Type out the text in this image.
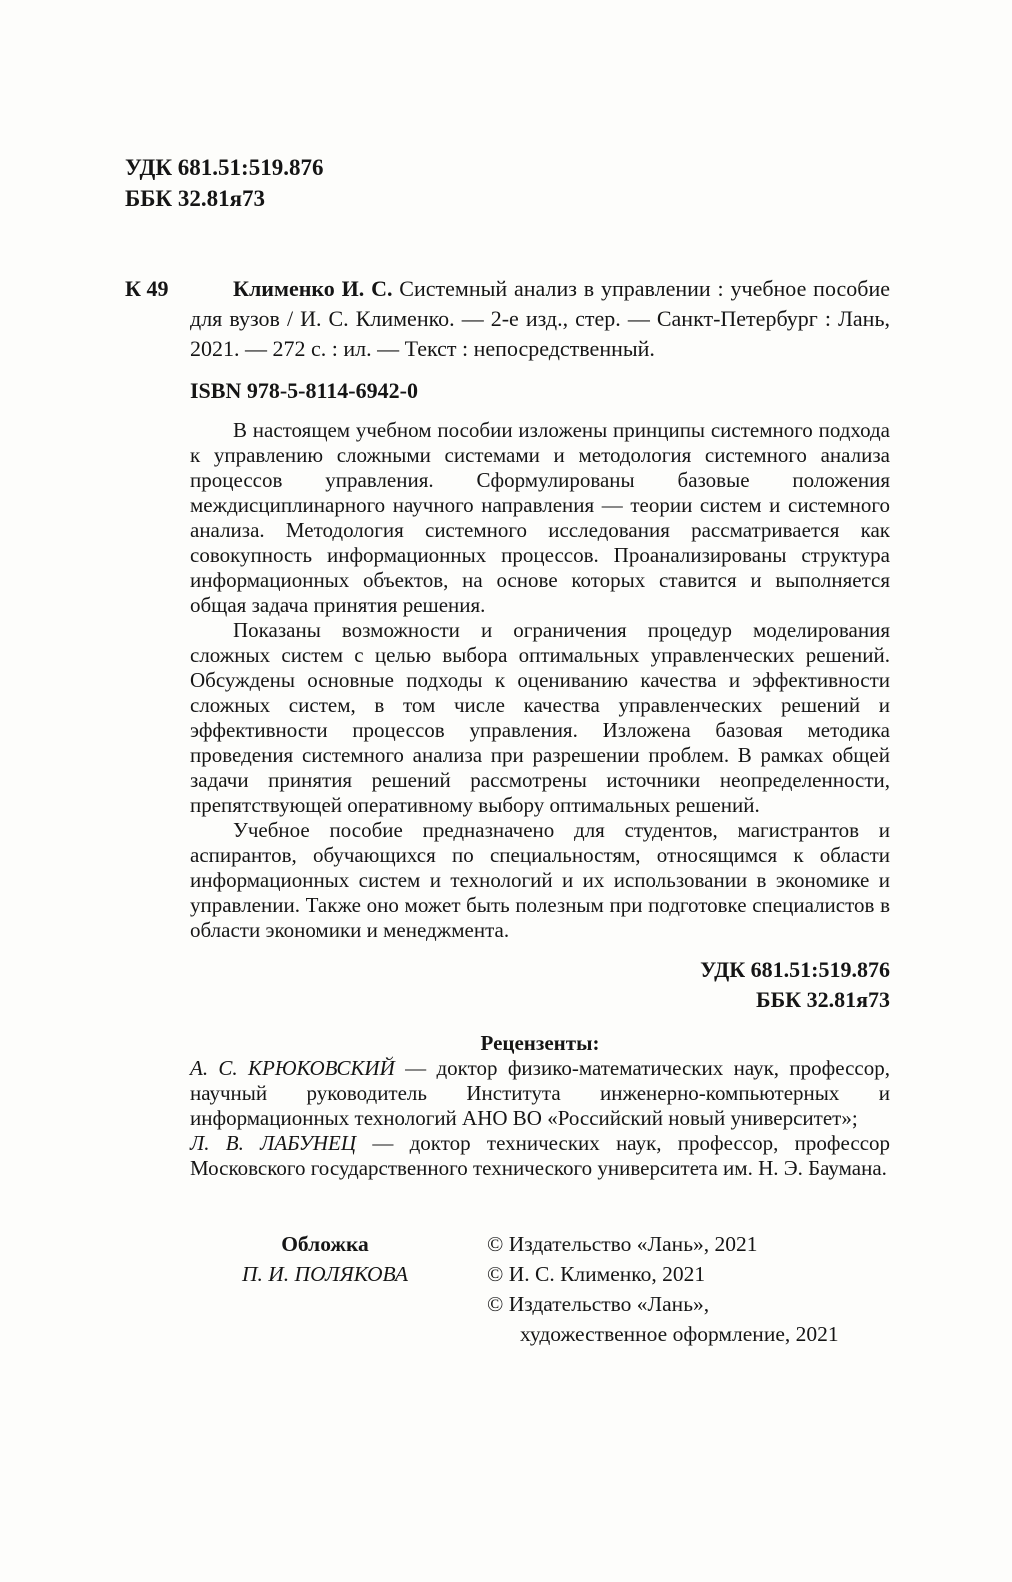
УДК 681.51:519.876
ББК 32.81я73
К 49	Клименко И. С. Системный анализ в управлении : учебное пособие для вузов / И. С. Клименко. — 2-е изд., стер. — Санкт-Петербург : Лань, 2021. — 272 с. : ил. — Текст : непосредственный.

ISBN 978-5-8114-6942-0

В настоящем учебном пособии изложены принципы системного подхода к управлению сложными системами и методология системного анализа процессов управления. Сформулированы базовые положения междисциплинарного научного направления — теории систем и системного анализа. Методология системного исследования рассматривается как совокупность информационных процессов. Проанализированы структура информационных объектов, на основе которых ставится и выполняется общая задача принятия решения.

Показаны возможности и ограничения процедур моделирования сложных систем с целью выбора оптимальных управленческих решений. Обсуждены основные подходы к оцениванию качества и эффективности сложных систем, в том числе качества управленческих решений и эффективности процессов управления. Изложена базовая методика проведения системного анализа при разрешении проблем. В рамках общей задачи принятия решений рассмотрены источники неопределенности, препятствующей оперативному выбору оптимальных решений.

Учебное пособие предназначено для студентов, магистрантов и аспирантов, обучающихся по специальностям, относящимся к области информационных систем и технологий и их использовании в экономике и управлении. Также оно может быть полезным при подготовке специалистов в области экономики и менеджмента.

УДК 681.51:519.876
ББК 32.81я73

Рецензенты:

А. С. КРЮКОВСКИЙ — доктор физико-математических наук, профессор, научный руководитель Института инженерно-компьютерных и информационных технологий АНО ВО «Российский новый университет»;

Л. В. ЛАБУНЕЦ — доктор технических наук, профессор, профессор Московского государственного технического университета им. Н. Э. Баумана.

Обложка
П. И. ПОЛЯКОВА
© Издательство «Лань», 2021
© И. С. Клименко, 2021
© Издательство «Лань»,
художественное оформление, 2021
